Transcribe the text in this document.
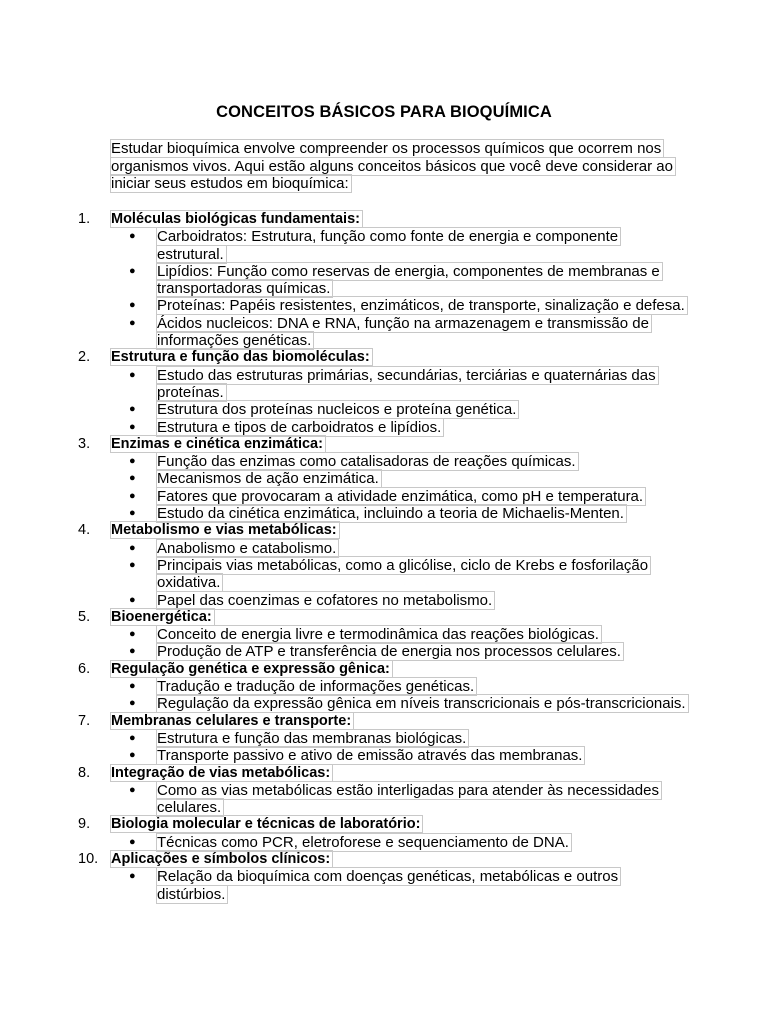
CONCEITOS BÁSICOS PARA BIOQUÍMICA
Estudar bioquímica envolve compreender os processos químicos que ocorrem nos organismos vivos. Aqui estão alguns conceitos básicos que você deve considerar ao iniciar seus estudos em bioquímica:
1.	Moléculas biológicas fundamentais:
● Carboidratos: Estrutura, função como fonte de energia e componente estrutural.
● Lipídios: Função como reservas de energia, componentes de membranas e transportadoras químicas.
● Proteínas: Papéis resistentes, enzimáticos, de transporte, sinalização e defesa.
● Ácidos nucleicos: DNA e RNA, função na armazenagem e transmissão de informações genéticas.
2.	Estrutura e função das biomoléculas:
● Estudo das estruturas primárias, secundárias, terciárias e quaternárias das proteínas.
● Estrutura dos proteínas nucleicos e proteína genética.
● Estrutura e tipos de carboidratos e lipídios.
3.	Enzimas e cinética enzimática:
● Função das enzimas como catalisadoras de reações químicas.
● Mecanismos de ação enzimática.
● Fatores que provocaram a atividade enzimática, como pH e temperatura.
● Estudo da cinética enzimática, incluindo a teoria de Michaelis-Menten.
4.	Metabolismo e vias metabólicas:
● Anabolismo e catabolismo.
● Principais vias metabólicas, como a glicólise, ciclo de Krebs e fosforilação oxidativa.
● Papel das coenzimas e cofatores no metabolismo.
5.	Bioenergética:
● Conceito de energia livre e termodinâmica das reações biológicas.
● Produção de ATP e transferência de energia nos processos celulares.
6.	Regulação genética e expressão gênica:
● Tradução e tradução de informações genéticas.
● Regulação da expressão gênica em níveis transcricionais e pós-transcricionais.
7.	Membranas celulares e transporte:
● Estrutura e função das membranas biológicas.
● Transporte passivo e ativo de emissão através das membranas.
8.	Integração de vias metabólicas:
● Como as vias metabólicas estão interligadas para atender às necessidades celulares.
9.	Biologia molecular e técnicas de laboratório:
● Técnicas como PCR, eletroforese e sequenciamento de DNA.
10. Aplicações e símbolos clínicos:
● Relação da bioquímica com doenças genéticas, metabólicas e outros distúrbios.
